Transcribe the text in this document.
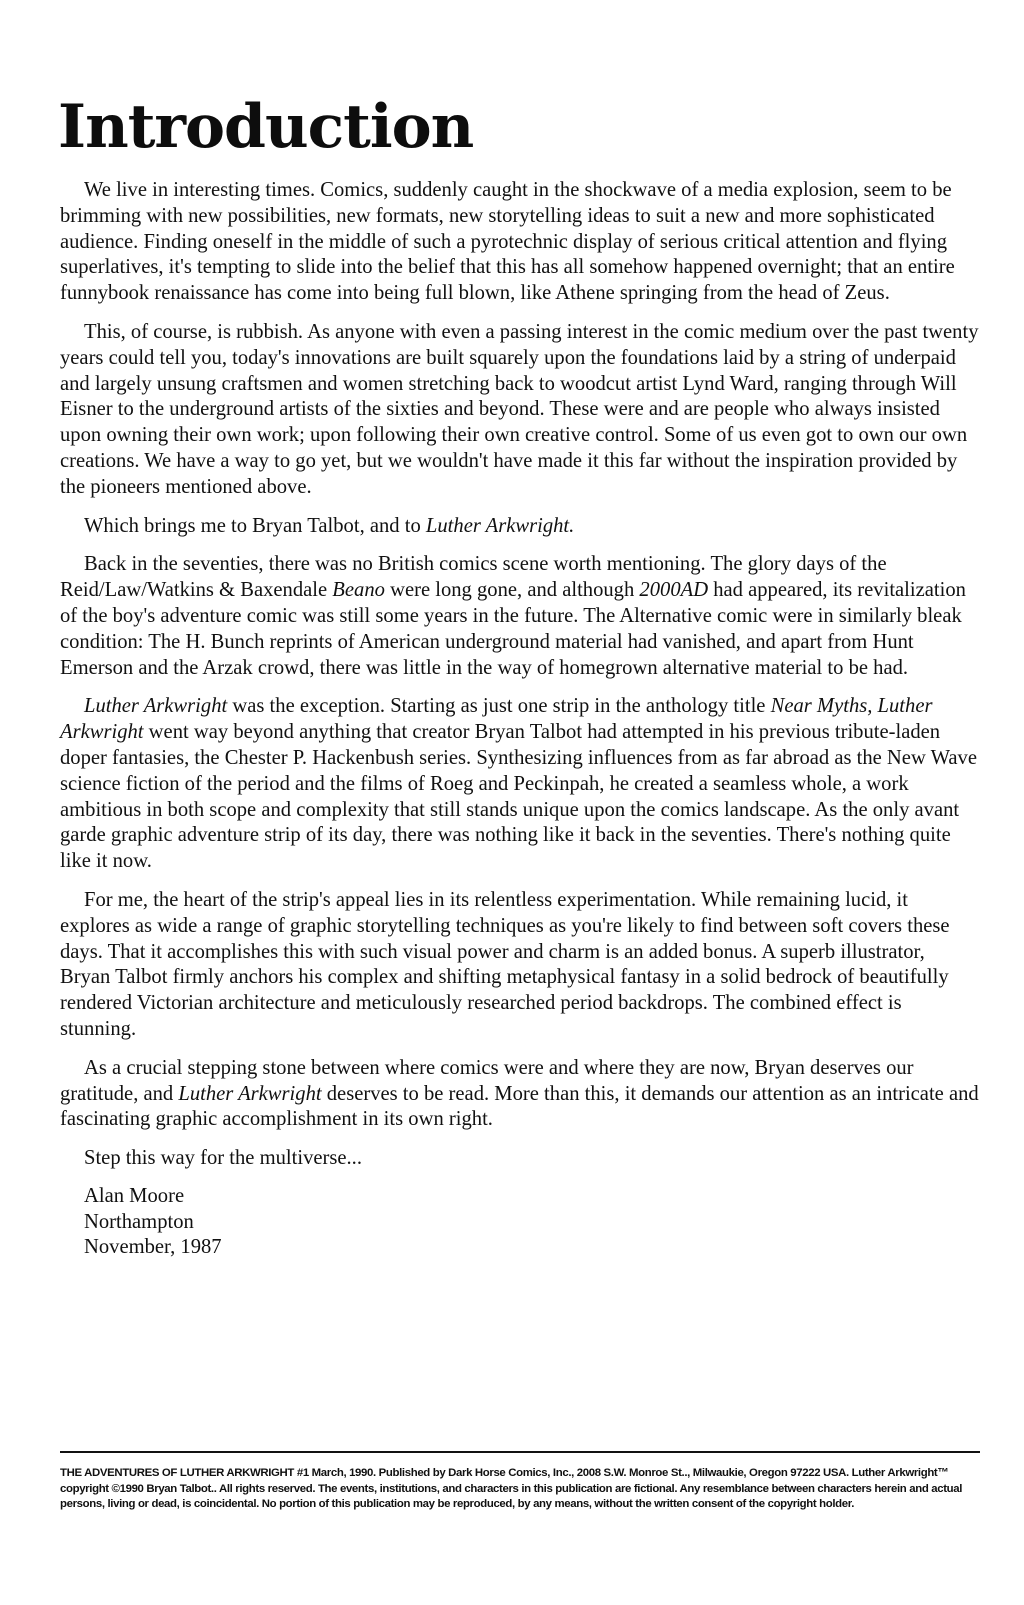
Introduction

We live in interesting times. Comics, suddenly caught in the shockwave of a media explosion, seem to be brimming with new possibilities, new formats, new storytelling ideas to suit a new and more sophisticated audience. Finding oneself in the middle of such a pyrotechnic display of serious critical attention and flying superlatives, it's tempting to slide into the belief that this has all somehow happened overnight; that an entire funnybook renaissance has come into being full blown, like Athene springing from the head of Zeus.

This, of course, is rubbish. As anyone with even a passing interest in the comic medium over the past twenty years could tell you, today's innovations are built squarely upon the foundations laid by a string of underpaid and largely unsung craftsmen and women stretching back to woodcut artist Lynd Ward, ranging through Will Eisner to the underground artists of the sixties and beyond. These were and are people who always insisted upon owning their own work; upon following their own creative control. Some of us even got to own our own creations. We have a way to go yet, but we wouldn't have made it this far without the inspiration provided by the pioneers mentioned above.

Which brings me to Bryan Talbot, and to Luther Arkwright.

Back in the seventies, there was no British comics scene worth mentioning. The glory days of the Reid/Law/Watkins & Baxendale Beano were long gone, and although 2000AD had appeared, its revitalization of the boy's adventure comic was still some years in the future. The Alternative comic were in similarly bleak condition: The H. Bunch reprints of American underground material had vanished, and apart from Hunt Emerson and the Arzak crowd, there was little in the way of homegrown alternative material to be had.

Luther Arkwright was the exception. Starting as just one strip in the anthology title Near Myths, Luther Arkwright went way beyond anything that creator Bryan Talbot had attempted in his previous tribute-laden doper fantasies, the Chester P. Hackenbush series. Synthesizing influences from as far abroad as the New Wave science fiction of the period and the films of Roeg and Peckinpah, he created a seamless whole, a work ambitious in both scope and complexity that still stands unique upon the comics landscape. As the only avant garde graphic adventure strip of its day, there was nothing like it back in the seventies. There's nothing quite like it now.

For me, the heart of the strip's appeal lies in its relentless experimentation. While remaining lucid, it explores as wide a range of graphic storytelling techniques as you're likely to find between soft covers these days. That it accomplishes this with such visual power and charm is an added bonus. A superb illustrator, Bryan Talbot firmly anchors his complex and shifting metaphysical fantasy in a solid bedrock of beautifully rendered Victorian architecture and meticulously researched period backdrops. The combined effect is stunning.

As a crucial stepping stone between where comics were and where they are now, Bryan deserves our gratitude, and Luther Arkwright deserves to be read. More than this, it demands our attention as an intricate and fascinating graphic accomplishment in its own right.

Step this way for the multiverse...

Alan Moore
Northampton
November, 1987

THE ADVENTURES OF LUTHER ARKWRIGHT #1 March, 1990. Published by Dark Horse Comics, Inc., 2008 S.W. Monroe St.., Milwaukie, Oregon 97222 USA. Luther Arkwright™ copyright ©1990 Bryan Talbot.. All rights reserved. The events, institutions, and characters in this publication are fictional. Any resemblance between characters herein and actual persons, living or dead, is coincidental. No portion of this publication may be reproduced, by any means, without the written consent of the copyright holder.
